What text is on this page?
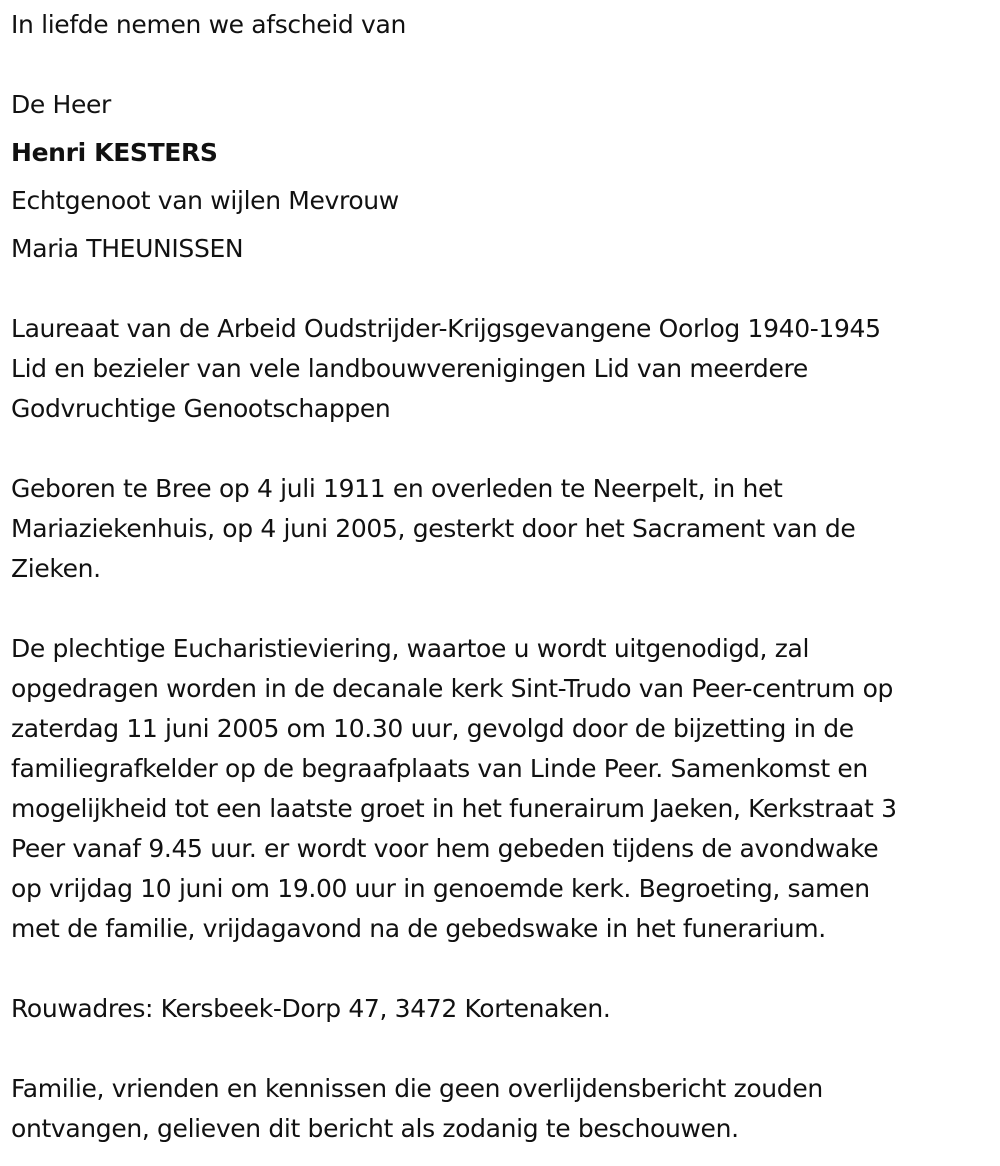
In liefde nemen we afscheid van
De Heer
Henri KESTERS
Echtgenoot van wijlen Mevrouw
Maria THEUNISSEN
Laureaat van de Arbeid Oudstrijder-Krijgsgevangene Oorlog 1940-1945
Lid en bezieler van vele landbouwverenigingen Lid van meerdere
Godvruchtige Genootschappen
Geboren te Bree op 4 juli 1911 en overleden te Neerpelt, in het
Mariaziekenhuis, op 4 juni 2005, gesterkt door het Sacrament van de
Zieken.
De plechtige Eucharistieviering, waartoe u wordt uitgenodigd, zal
opgedragen worden in de decanale kerk Sint-Trudo van Peer-centrum op
zaterdag 11 juni 2005 om 10.30 uur, gevolgd door de bijzetting in de
familiegrafkelder op de begraafplaats van Linde Peer. Samenkomst en
mogelijkheid tot een laatste groet in het funerairum Jaeken, Kerkstraat 3
Peer vanaf 9.45 uur. er wordt voor hem gebeden tijdens de avondwake
op vrijdag 10 juni om 19.00 uur in genoemde kerk. Begroeting, samen
met de familie, vrijdagavond na de gebedswake in het funerarium.
Rouwadres: Kersbeek-Dorp 47, 3472 Kortenaken.
Familie, vrienden en kennissen die geen overlijdensbericht zouden
ontvangen, gelieven dit bericht als zodanig te beschouwen.
